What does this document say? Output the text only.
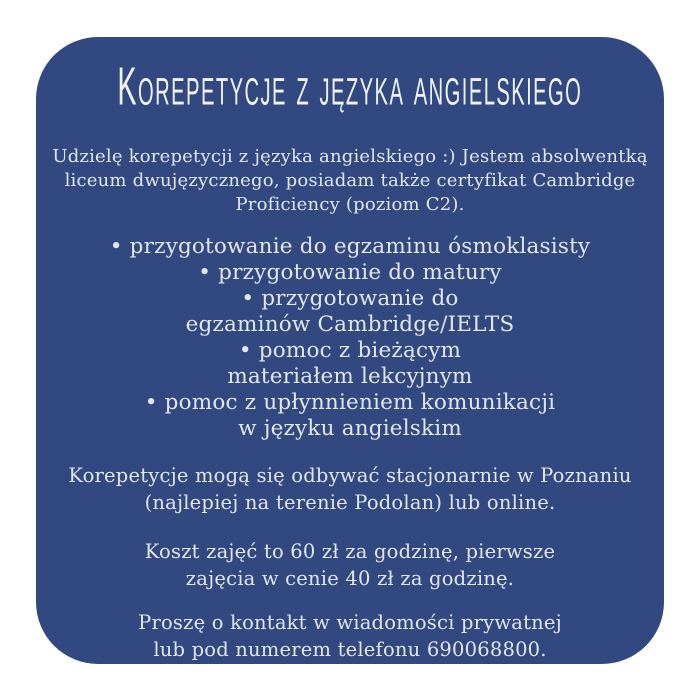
Korepetycje z języka angielskiego

Udzielę korepetycji z języka angielskiego :) Jestem absolwentką
liceum dwujęzycznego, posiadam także certyfikat Cambridge
Proficiency (poziom C2).

• przygotowanie do egzaminu ósmoklasisty
• przygotowanie do matury
• przygotowanie do
egzaminów Cambridge/IELTS
• pomoc z bieżącym
materiałem lekcyjnym
• pomoc z upłynnieniem komunikacji
w języku angielskim

Korepetycje mogą się odbywać stacjonarnie w Poznaniu
(najlepiej na terenie Podolan) lub online.

Koszt zajęć to 60 zł za godzinę, pierwsze
zajęcia w cenie 40 zł za godzinę.

Proszę o kontakt w wiadomości prywatnej
lub pod numerem telefonu 690068800.
